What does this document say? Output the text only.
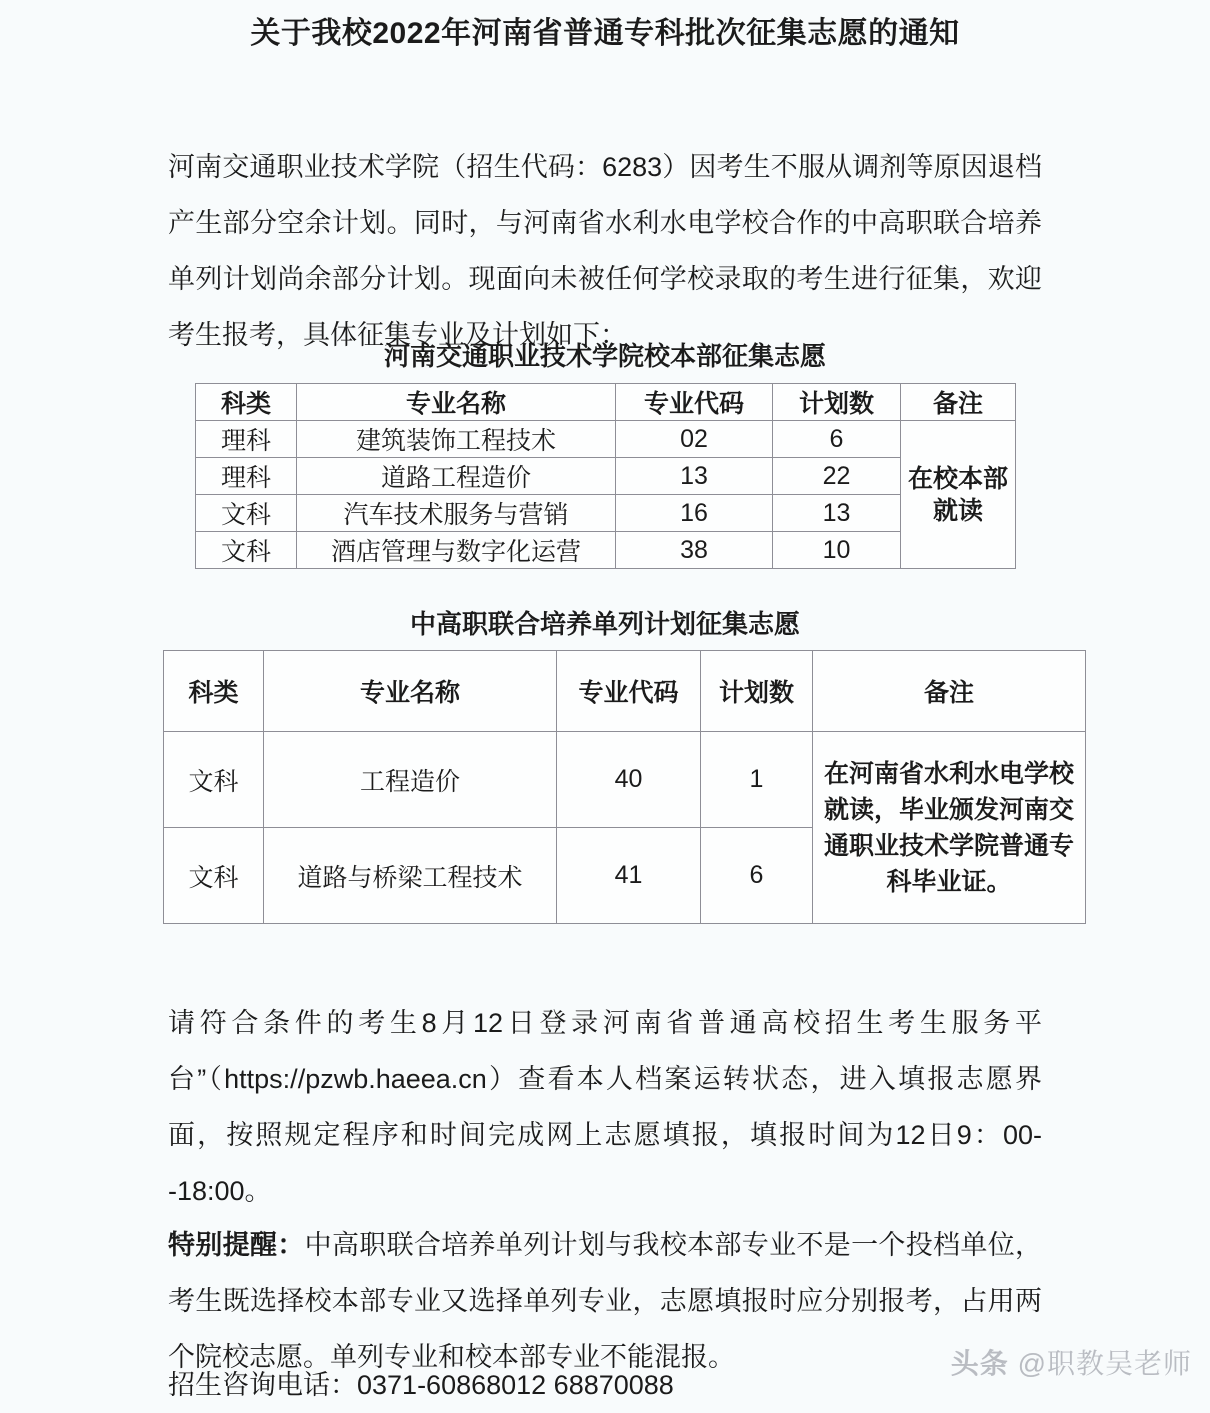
关于我校2022年河南省普通专科批次征集志愿的通知

河南交通职业技术学院（招生代码：6283）因考生不服从调剂等原因退档产生部分空余计划。同时，与河南省水利水电学校合作的中高职联合培养单列计划尚余部分计划。现面向未被任何学校录取的考生进行征集，欢迎考生报考，具体征集专业及计划如下：

河南交通职业技术学院校本部征集志愿
科类	专业名称	专业代码	计划数	备注
理科	建筑装饰工程技术	02	6	在校本部就读
理科	道路工程造价	13	22	
文科	汽车技术服务与营销	16	13	
文科	酒店管理与数字化运营	38	10	
中高职联合培养单列计划征集志愿
科类	专业名称	专业代码	计划数	备注
文科	工程造价	40	1	在河南省水利水电学校就读，毕业颁发河南交通职业技术学院普通专科毕业证。
文科	道路与桥梁工程技术	41	6	

请符合条件的考生8月12日登录河南省普通高校招生考生服务平台”（https://pzwb.haeea.cn）查看本人档案运转状态，进入填报志愿界面，按照规定程序和时间完成网上志愿填报，填报时间为12日9：00--18:00。

特别提醒：中高职联合培养单列计划与我校本部专业不是一个投档单位，考生既选择校本部专业又选择单列专业，志愿填报时应分别报考，占用两个院校志愿。单列专业和校本部专业不能混报。

招生咨询电话：0371-60868012 68870088

头条 @职教吴老师
